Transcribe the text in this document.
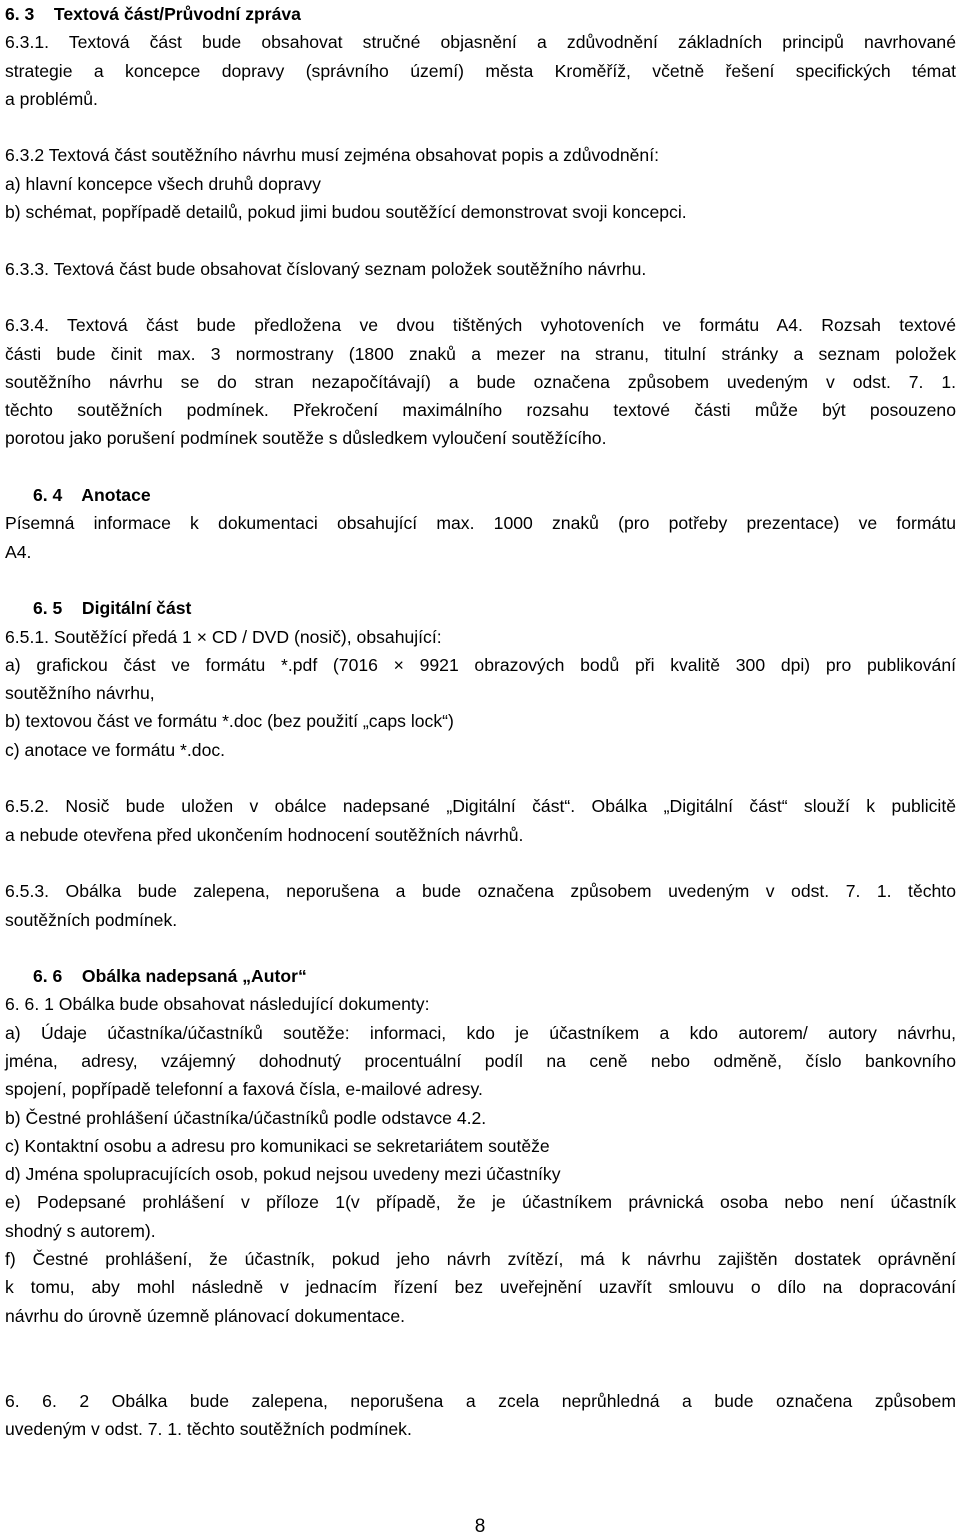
6. 3    Textová část/Průvodní zpráva
6.3.1. Textová část bude obsahovat stručné objasnění a zdůvodnění základních principů navrhované
strategie a koncepce dopravy (správního území) města Kroměříž, včetně řešení specifických témat
a problémů.
6.3.2 Textová část soutěžního návrhu musí zejména obsahovat popis a zdůvodnění:
a) hlavní koncepce všech druhů dopravy
b) schémat, popřípadě detailů, pokud jimi budou soutěžící demonstrovat svoji koncepci.
6.3.3. Textová část bude obsahovat číslovaný seznam položek soutěžního návrhu.
6.3.4. Textová část bude předložena ve dvou tištěných vyhotoveních ve formátu A4. Rozsah textové
části bude činit max. 3 normostrany (1800 znaků a mezer na stranu, titulní stránky a seznam položek
soutěžního návrhu se do stran nezapočítávají) a bude označena způsobem uvedeným v odst. 7. 1.
těchto soutěžních podmínek. Překročení maximálního rozsahu textové části může být posouzeno
porotou jako porušení podmínek soutěže s důsledkem vyloučení soutěžícího.
6. 4    Anotace
Písemná informace k dokumentaci obsahující max. 1000 znaků (pro potřeby prezentace) ve formátu
A4.
6. 5    Digitální část
6.5.1. Soutěžící předá 1 × CD / DVD (nosič), obsahující:
a) grafickou část ve formátu *.pdf (7016 × 9921 obrazových bodů při kvalitě 300 dpi) pro publikování
soutěžního návrhu,
b) textovou část ve formátu *.doc (bez použití „caps lock“)
c) anotace ve formátu *.doc.
6.5.2. Nosič bude uložen v obálce nadepsané „Digitální část“. Obálka „Digitální část“ slouží k publicitě
a nebude otevřena před ukončením hodnocení soutěžních návrhů.
6.5.3. Obálka bude zalepena, neporušena a bude označena způsobem uvedeným v odst. 7. 1. těchto
soutěžních podmínek.
6. 6    Obálka nadepsaná „Autor“
6. 6. 1 Obálka bude obsahovat následující dokumenty:
a) Údaje účastníka/účastníků soutěže: informaci, kdo je účastníkem a kdo autorem/ autory návrhu,
jména, adresy, vzájemný dohodnutý procentuální podíl na ceně nebo odměně, číslo bankovního
spojení, popřípadě telefonní a faxová čísla, e-mailové adresy.
b) Čestné prohlášení účastníka/účastníků podle odstavce 4.2.
c) Kontaktní osobu a adresu pro komunikaci se sekretariátem soutěže
d) Jména spolupracujících osob, pokud nejsou uvedeny mezi účastníky
e) Podepsané prohlášení v příloze 1(v případě, že je účastníkem právnická osoba nebo není účastník
shodný s autorem).
f) Čestné prohlášení, že účastník, pokud jeho návrh zvítězí, má k návrhu zajištěn dostatek oprávnění
k tomu, aby mohl následně v jednacím řízení bez uveřejnění uzavřít smlouvu o dílo na dopracování
návrhu do úrovně územně plánovací dokumentace.
6. 6. 2 Obálka bude zalepena, neporušena a zcela neprůhledná a bude označena způsobem
uvedeným v odst. 7. 1. těchto soutěžních podmínek.
8
